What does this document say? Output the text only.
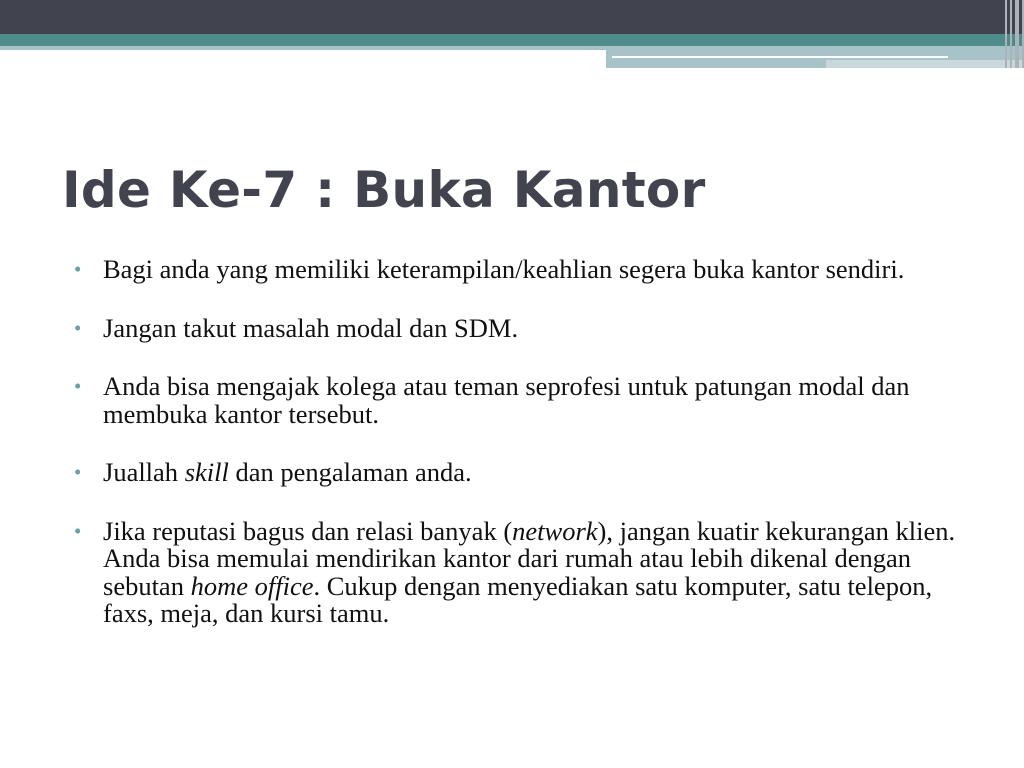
Ide Ke-7 : Buka Kantor
• Bagi anda yang memiliki keterampilan/keahlian segera buka kantor sendiri.
• Jangan takut masalah modal dan SDM.
• Anda bisa mengajak kolega atau teman seprofesi untuk patungan modal dan membuka kantor tersebut.
• Juallah skill dan pengalaman anda.
• Jika reputasi bagus dan relasi banyak (network), jangan kuatir kekurangan klien. Anda bisa memulai mendirikan kantor dari rumah atau lebih dikenal dengan sebutan home office. Cukup dengan menyediakan satu komputer, satu telepon, faxs, meja, dan kursi tamu.
